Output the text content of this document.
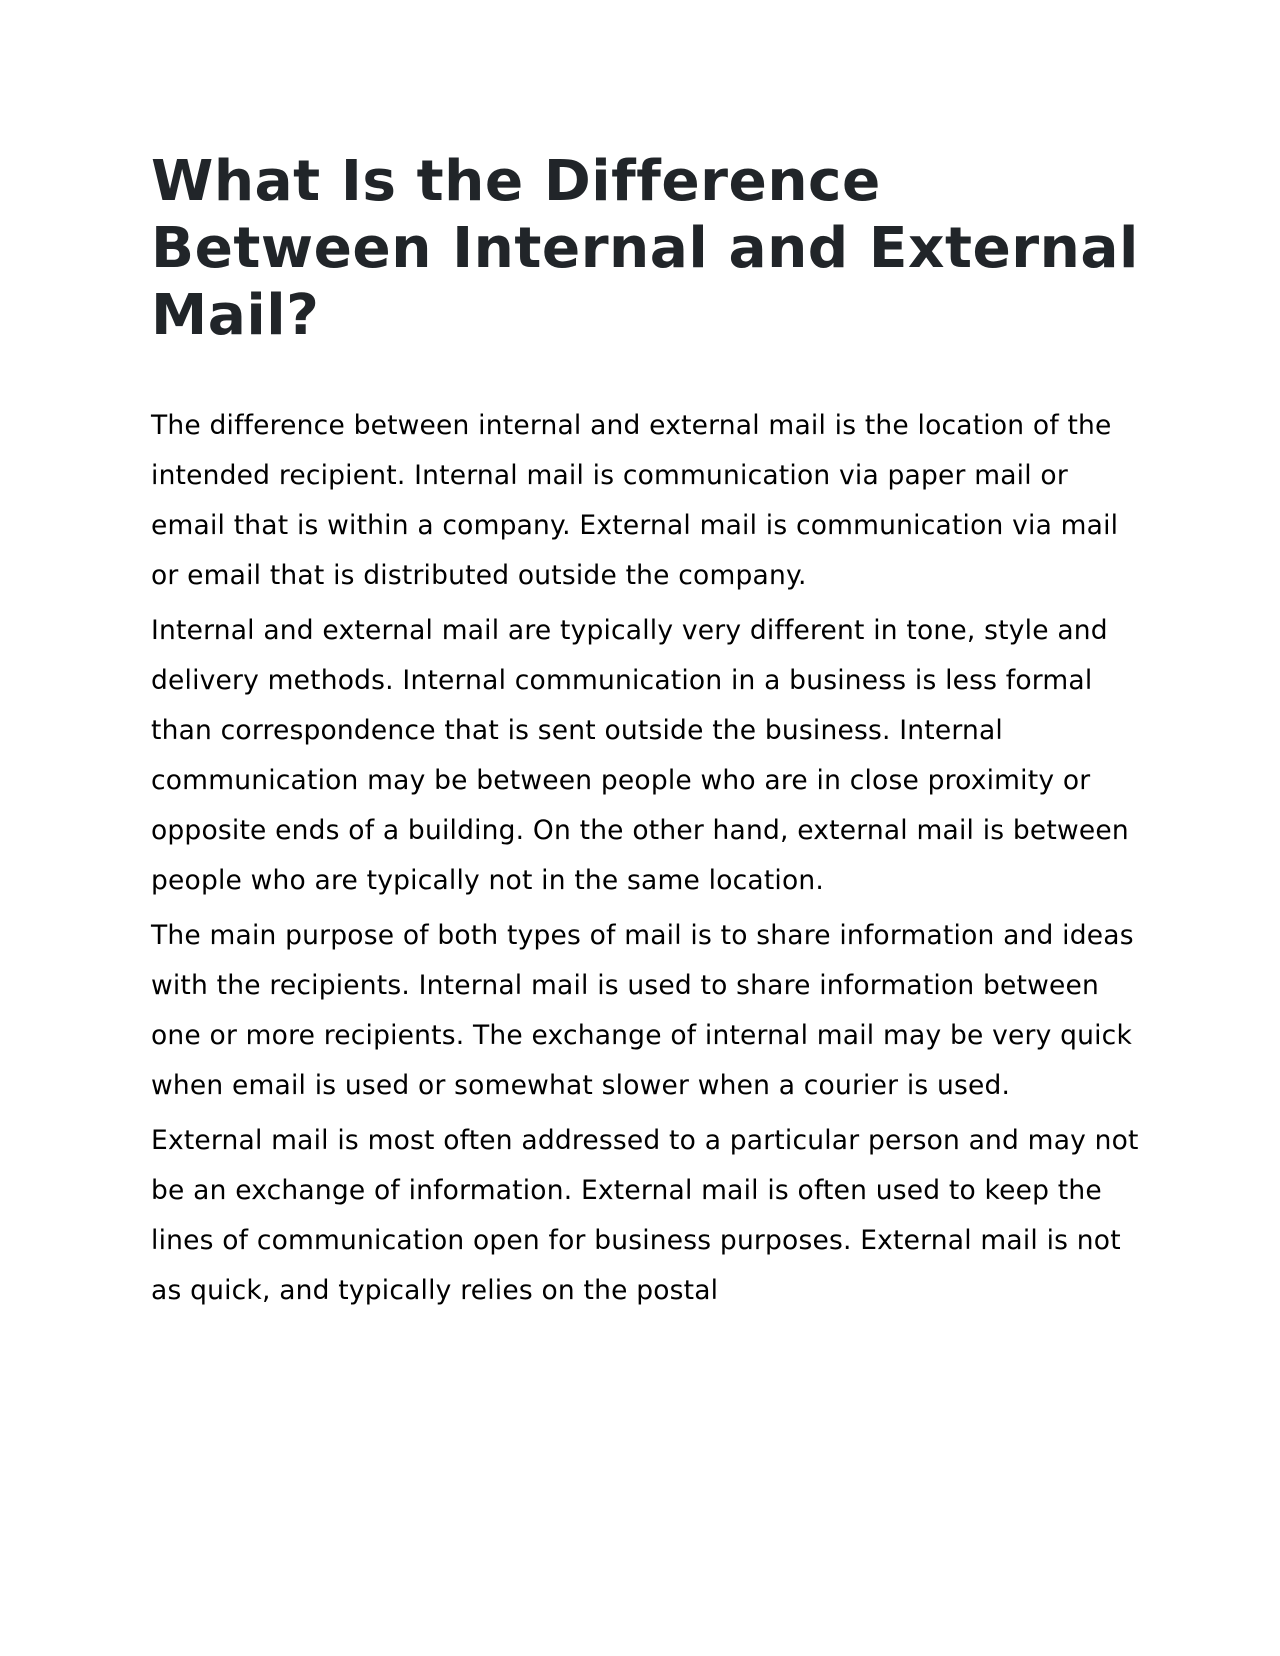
What Is the Difference Between Internal and External Mail?

The difference between internal and external mail is the location of the intended recipient. Internal mail is communication via paper mail or email that is within a company. External mail is communication via mail or email that is distributed outside the company.

Internal and external mail are typically very different in tone, style and delivery methods. Internal communication in a business is less formal than correspondence that is sent outside the business. Internal communication may be between people who are in close proximity or opposite ends of a building. On the other hand, external mail is between people who are typically not in the same location.

The main purpose of both types of mail is to share information and ideas with the recipients. Internal mail is used to share information between one or more recipients. The exchange of internal mail may be very quick when email is used or somewhat slower when a courier is used.

External mail is most often addressed to a particular person and may not be an exchange of information. External mail is often used to keep the lines of communication open for business purposes. External mail is not as quick, and typically relies on the postal
